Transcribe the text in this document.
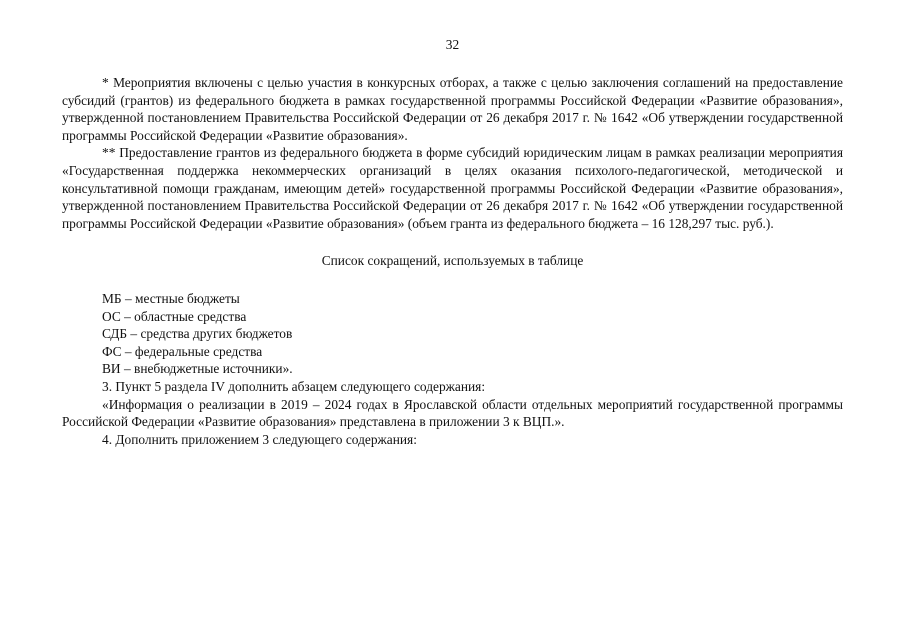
32

* Мероприятия включены с целью участия в конкурсных отборах, а также с целью заключения соглашений на предоставление субсидий (грантов) из федерального бюджета в рамках государственной программы Российской Федерации «Развитие образования», утвержденной постановлением Правительства Российской Федерации от 26 декабря 2017 г. № 1642 «Об утверждении государственной программы Российской Федерации «Развитие образования».

** Предоставление грантов из федерального бюджета в форме субсидий юридическим лицам в рамках реализации мероприятия «Государственная поддержка некоммерческих организаций в целях оказания психолого-педагогической, методической и консультативной помощи гражданам, имеющим детей» государственной программы Российской Федерации «Развитие образования», утвержденной постановлением Правительства Российской Федерации от 26 декабря 2017 г. № 1642 «Об утверждении государственной программы Российской Федерации «Развитие образования» (объем гранта из федерального бюджета – 16 128,297 тыс. руб.).

Список сокращений, используемых в таблице

МБ – местные бюджеты

ОС – областные средства

СДБ – средства других бюджетов

ФС – федеральные средства

ВИ – внебюджетные источники».

3. Пункт 5 раздела IV дополнить абзацем следующего содержания:

«Информация о реализации в 2019 – 2024 годах в Ярославской области отдельных мероприятий государственной программы Российской Федерации «Развитие образования» представлена в приложении 3 к ВЦП.».

4. Дополнить приложением 3 следующего содержания:
